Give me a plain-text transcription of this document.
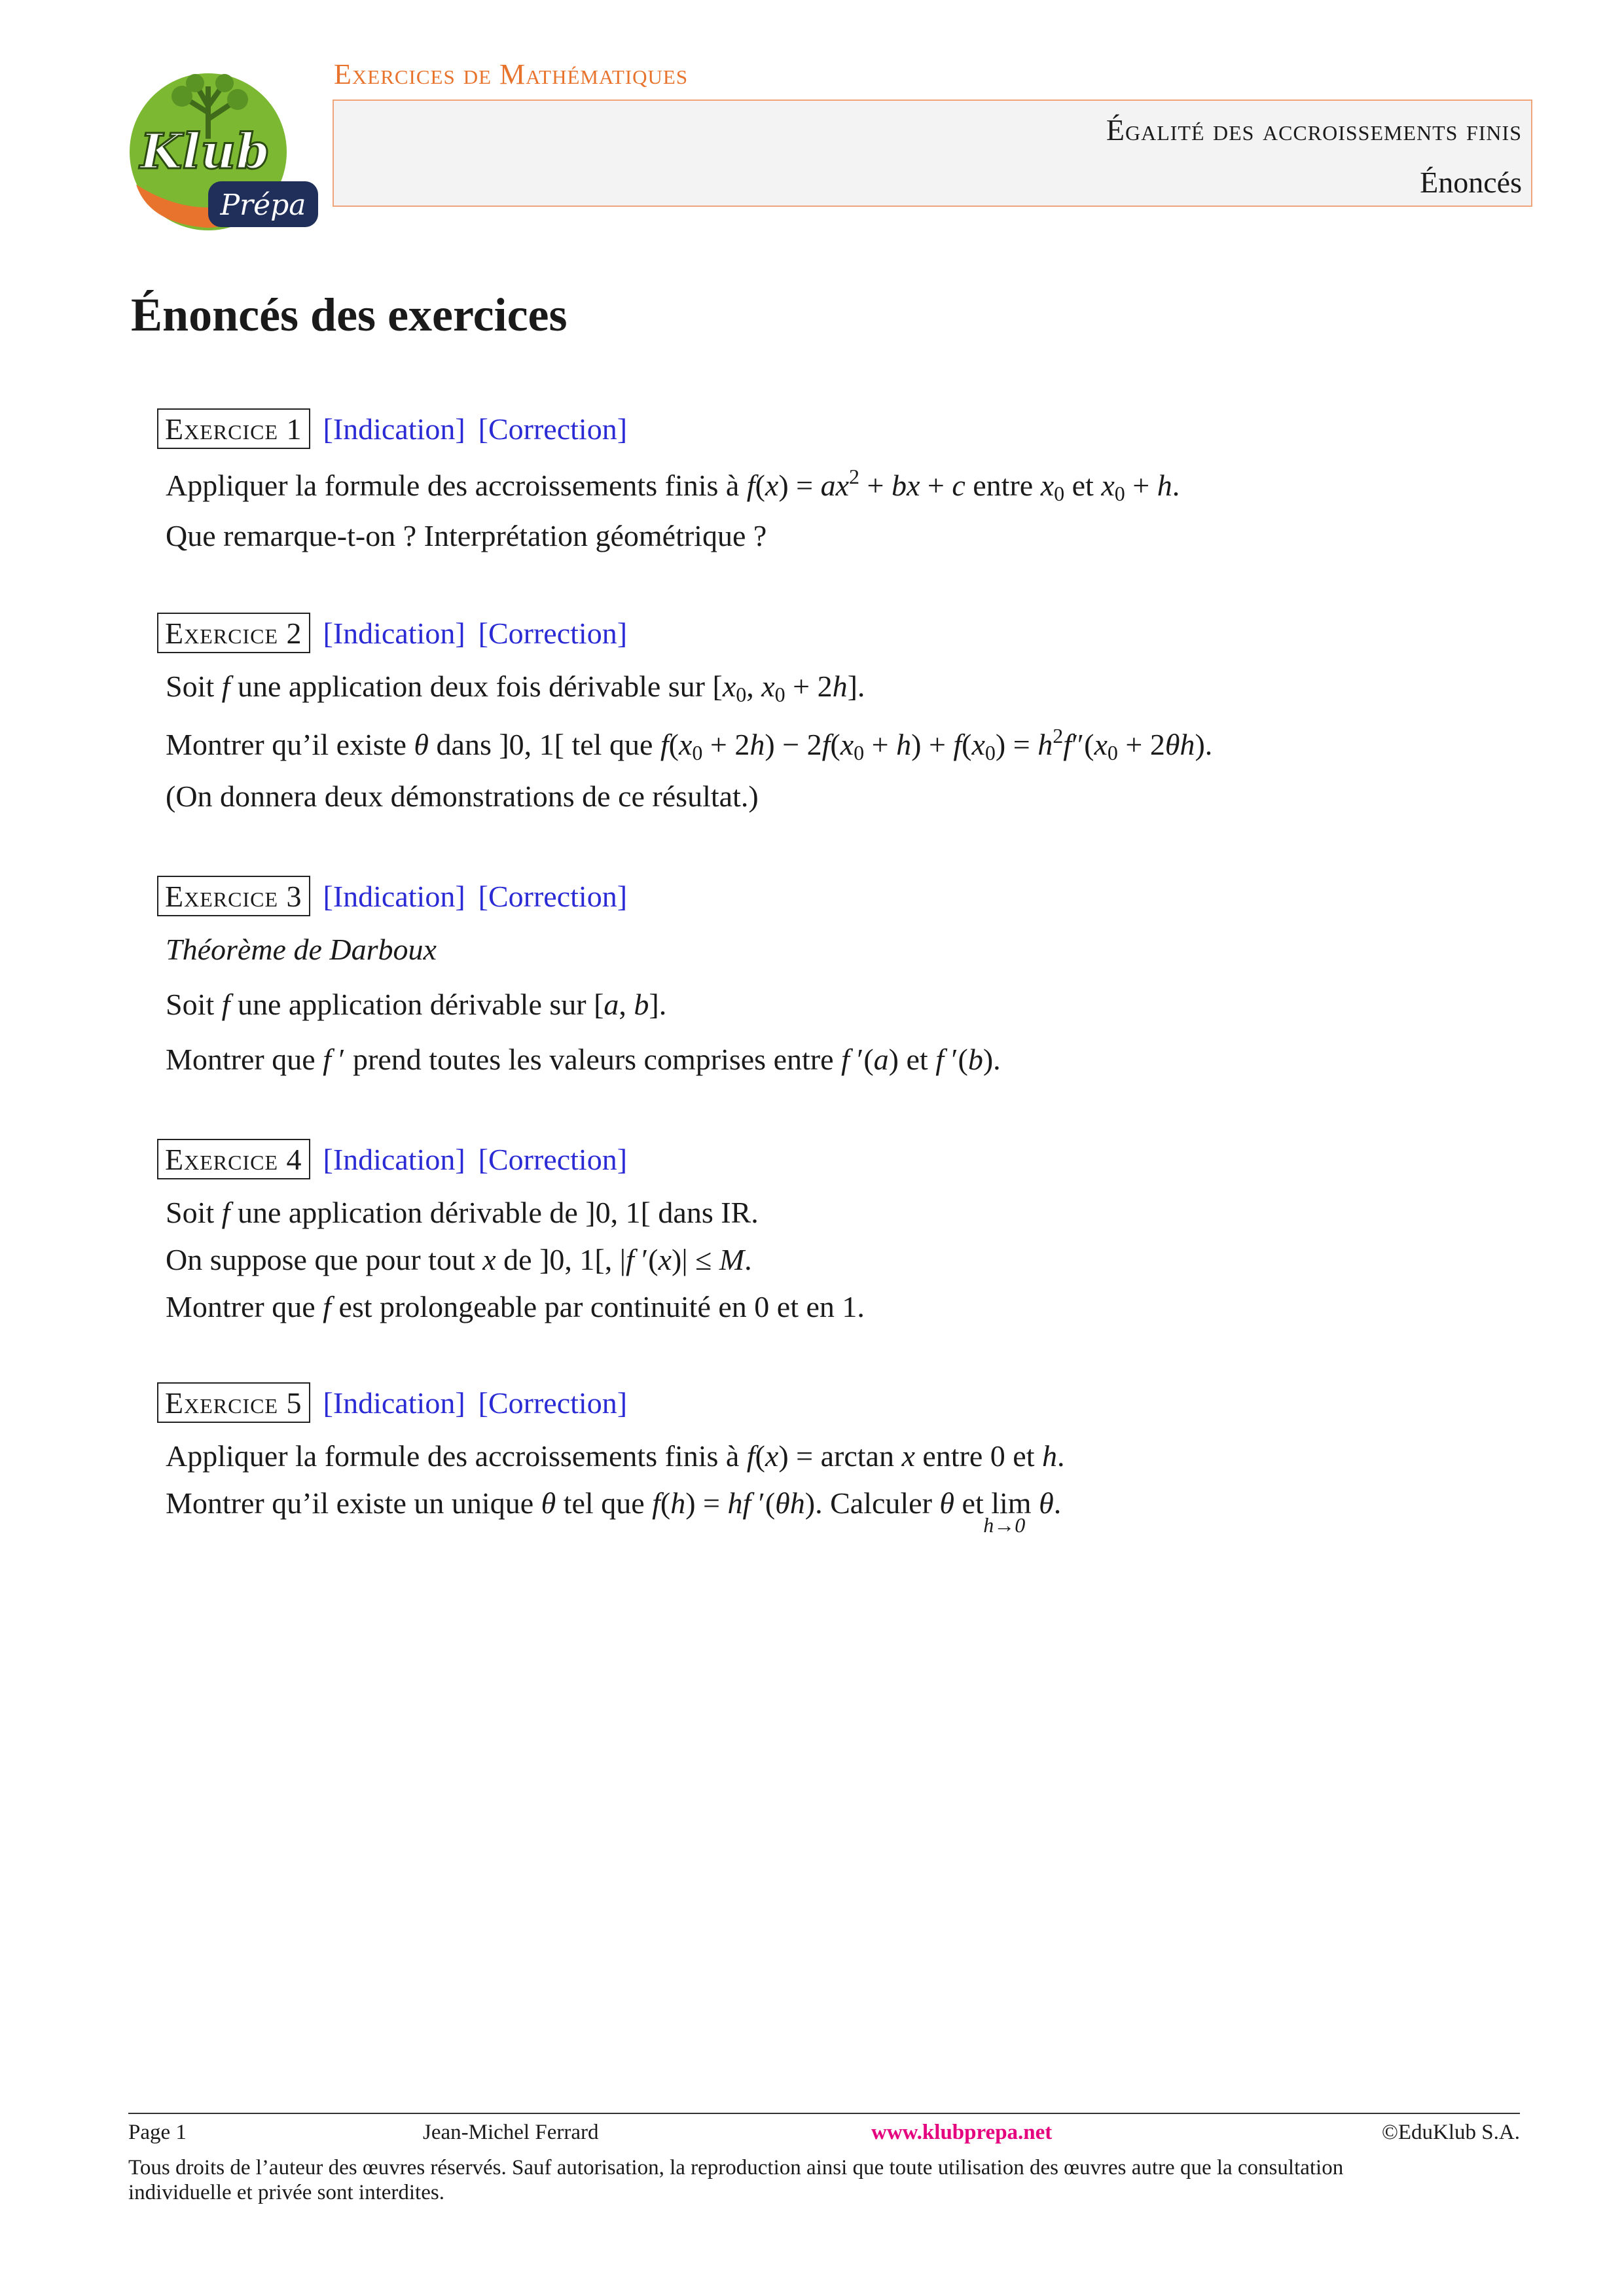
Klub
Prépa
Exercices de Mathématiques
Égalité des accroissements finis
Énoncés
Énoncés des exercices
Exercice 1 [Indication] [Correction]
Appliquer la formule des accroissements finis à $f(x) = ax^2$ + bx + c entre $x_0$ et $x_0 + h$.
Que remarque-t-on ? Interprétation géométrique ?
Exercice 2 [Indication] [Correction]
Soit f une application deux fois dérivable sur [$x_0$, $x_0 + 2h$].
Montrer qu’il existe θ dans ]0, 1[ tel que $f(x_0 + 2h) - 2f(x_0 + h) + f(x_0) = h^2f''(x_0 + 2\theta h)$.
(On donnera deux démonstrations de ce résultat.)
Exercice 3 [Indication] [Correction]
Théorème de Darboux
Soit f une application dérivable sur [a, b].
Montrer que f ′ prend toutes les valeurs comprises entre f ′(a) et f ′(b).
Exercice 4 [Indication] [Correction]
Soit f une application dérivable de ]0, 1[ dans IR.
On suppose que pour tout x de ]0, 1[, |f ′(x)| ≤ M.
Montrer que f est prolongeable par continuité en 0 et en 1.
Exercice 5 [Indication] [Correction]
Appliquer la formule des accroissements finis à f(x) = arctan x entre 0 et h.
Montrer qu’il existe un unique θ tel que f(h) = hf ′(θh). Calculer θ et lim
h→0
θ.
Page 1	Jean-Michel Ferrard	www.klubprepa.net	©EduKlub S.A.
Tous droits de l’auteur des œuvres réservés. Sauf autorisation, la reproduction ainsi que toute utilisation des œuvres autre que la consultation
individuelle et privée sont interdites.
